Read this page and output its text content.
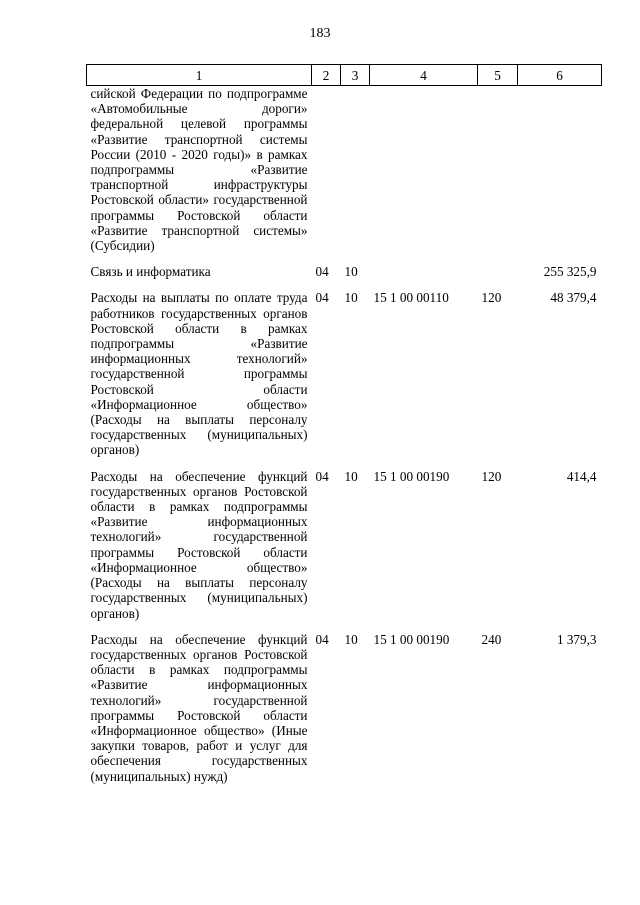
183
1	2	3	4	5	6
сийской Федерации по подпрограмме «Автомобильные дороги» федеральной целевой программы «Развитие транспортной системы России (2010 - 2020 годы)» в рамках подпрограммы «Развитие транспортной инфраструктуры Ростовской области» государственной программы Ростовской области «Развитие транспортной системы» (Субсидии)					

Связь и информатика	04	10			255 325,9

Расходы на выплаты по оплате труда работников государственных органов Ростовской области в рамках подпрограммы «Развитие информационных технологий» государственной программы Ростовской области «Информационное общество» (Расходы на выплаты персоналу государственных (муниципальных) органов)	04	10	15 1 00 00110	120	48 379,4

Расходы на обеспечение функций государственных органов Ростовской области в рамках подпрограммы «Развитие информационных технологий» государственной программы Ростовской области «Информационное общество» (Расходы на выплаты персоналу государственных (муниципальных) органов)	04	10	15 1 00 00190	120	414,4

Расходы на обеспечение функций государственных органов Ростовской области в рамках подпрограммы «Развитие информационных технологий» государственной программы Ростовской области «Информационное общество» (Иные закупки товаров, работ и услуг для обеспечения государственных (муниципальных) нужд)	04	10	15 1 00 00190	240	1 379,3
